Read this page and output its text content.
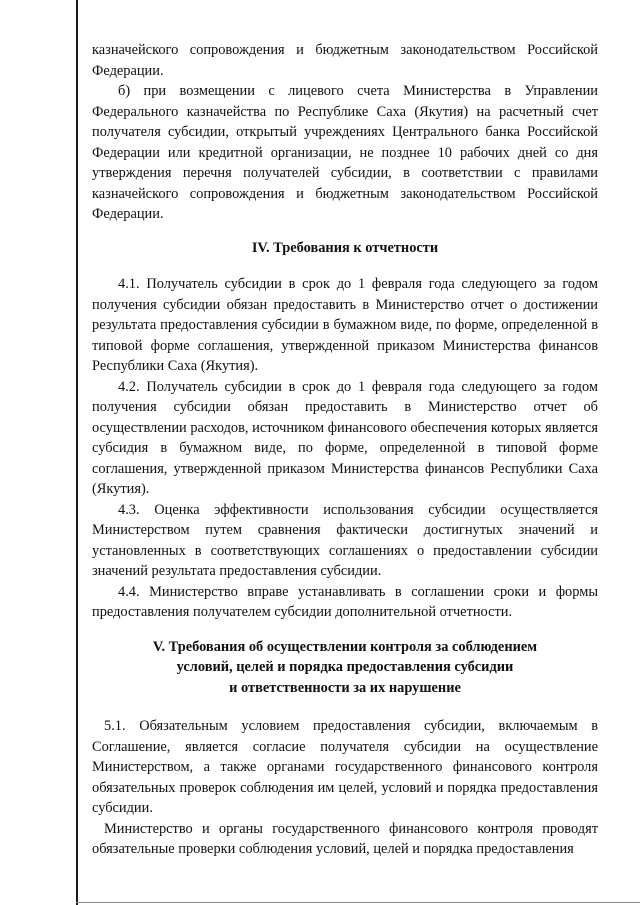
казначейского сопровождения и бюджетным законодательством Российской Федерации.

б) при возмещении с лицевого счета Министерства в Управлении Федерального казначейства по Республике Саха (Якутия) на расчетный счет получателя субсидии, открытый учреждениях Центрального банка Российской Федерации или кредитной организации, не позднее 10 рабочих дней со дня утверждения перечня получателей субсидии, в соответствии с правилами казначейского сопровождения и бюджетным законодательством Российской Федерации.

IV. Требования к отчетности

4.1. Получатель субсидии в срок до 1 февраля года следующего за годом получения субсидии обязан предоставить в Министерство отчет о достижении результата предоставления субсидии в бумажном виде, по форме, определенной в типовой форме соглашения, утвержденной приказом Министерства финансов Республики Саха (Якутия).

4.2. Получатель субсидии в срок до 1 февраля года следующего за годом получения субсидии обязан предоставить в Министерство отчет об осуществлении расходов, источником финансового обеспечения которых является субсидия в бумажном виде, по форме, определенной в типовой форме соглашения, утвержденной приказом Министерства финансов Республики Саха (Якутия).

4.3. Оценка эффективности использования субсидии осуществляется Министерством путем сравнения фактически достигнутых значений и установленных в соответствующих соглашениях о предоставлении субсидии значений результата предоставления субсидии.

4.4. Министерство вправе устанавливать в соглашении сроки и формы предоставления получателем субсидии дополнительной отчетности.

V. Требования об осуществлении контроля за соблюдением
условий, целей и порядка предоставления субсидии
и ответственности за их нарушение

5.1. Обязательным условием предоставления субсидии, включаемым в Соглашение, является согласие получателя субсидии на осуществление Министерством, а также органами государственного финансового контроля обязательных проверок соблюдения им целей, условий и порядка предоставления субсидии.

Министерство и органы государственного финансового контроля проводят обязательные проверки соблюдения условий, целей и порядка предоставления
